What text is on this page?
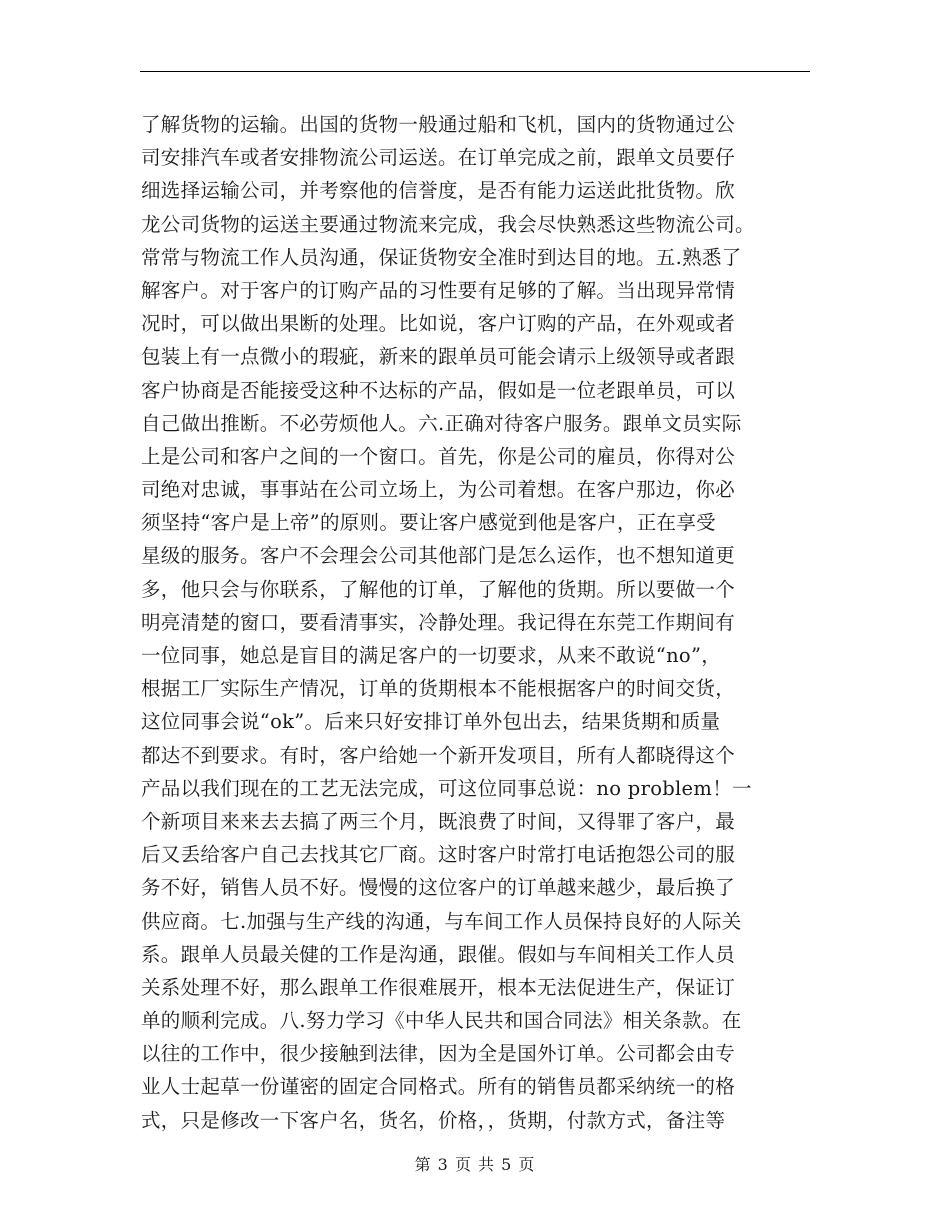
了解货物的运输。出国的货物一般通过船和飞机，国内的货物通过公
司安排汽车或者安排物流公司运送。在订单完成之前，跟单文员要仔
细选择运输公司，并考察他的信誉度，是否有能力运送此批货物。欣
龙公司货物的运送主要通过物流来完成，我会尽快熟悉这些物流公司。
常常与物流工作人员沟通，保证货物安全准时到达目的地。五.熟悉了
解客户。对于客户的订购产品的习性要有足够的了解。当出现异常情
况时，可以做出果断的处理。比如说，客户订购的产品，在外观或者
包装上有一点微小的瑕疵，新来的跟单员可能会请示上级领导或者跟
客户协商是否能接受这种不达标的产品，假如是一位老跟单员，可以
自己做出推断。不必劳烦他人。六.正确对待客户服务。跟单文员实际
上是公司和客户之间的一个窗口。首先，你是公司的雇员，你得对公
司绝对忠诚，事事站在公司立场上，为公司着想。在客户那边，你必
须坚持“客户是上帝”的原则。要让客户感觉到他是客户，正在享受
星级的服务。客户不会理会公司其他部门是怎么运作，也不想知道更
多，他只会与你联系，了解他的订单，了解他的货期。所以要做一个
明亮清楚的窗口，要看清事实，冷静处理。我记得在东莞工作期间有
一位同事，她总是盲目的满足客户的一切要求，从来不敢说“no”，
根据工厂实际生产情况，订单的货期根本不能根据客户的时间交货，
这位同事会说“ok”。后来只好安排订单外包出去，结果货期和质量
都达不到要求。有时，客户给她一个新开发项目，所有人都晓得这个
产品以我们现在的工艺无法完成，可这位同事总说：no problem！一
个新项目来来去去搞了两三个月，既浪费了时间，又得罪了客户，最
后又丢给客户自己去找其它厂商。这时客户时常打电话抱怨公司的服
务不好，销售人员不好。慢慢的这位客户的订单越来越少，最后换了
供应商。七.加强与生产线的沟通，与车间工作人员保持良好的人际关
系。跟单人员最关健的工作是沟通，跟催。假如与车间相关工作人员
关系处理不好，那么跟单工作很难展开，根本无法促进生产，保证订
单的顺利完成。八.努力学习《中华人民共和国合同法》相关条款。在
以往的工作中，很少接触到法律，因为全是国外订单。公司都会由专
业人士起草一份谨密的固定合同格式。所有的销售员都采纳统一的格
式，只是修改一下客户名，货名，价格，，货期，付款方式，备注等
第 3 页 共 5 页
